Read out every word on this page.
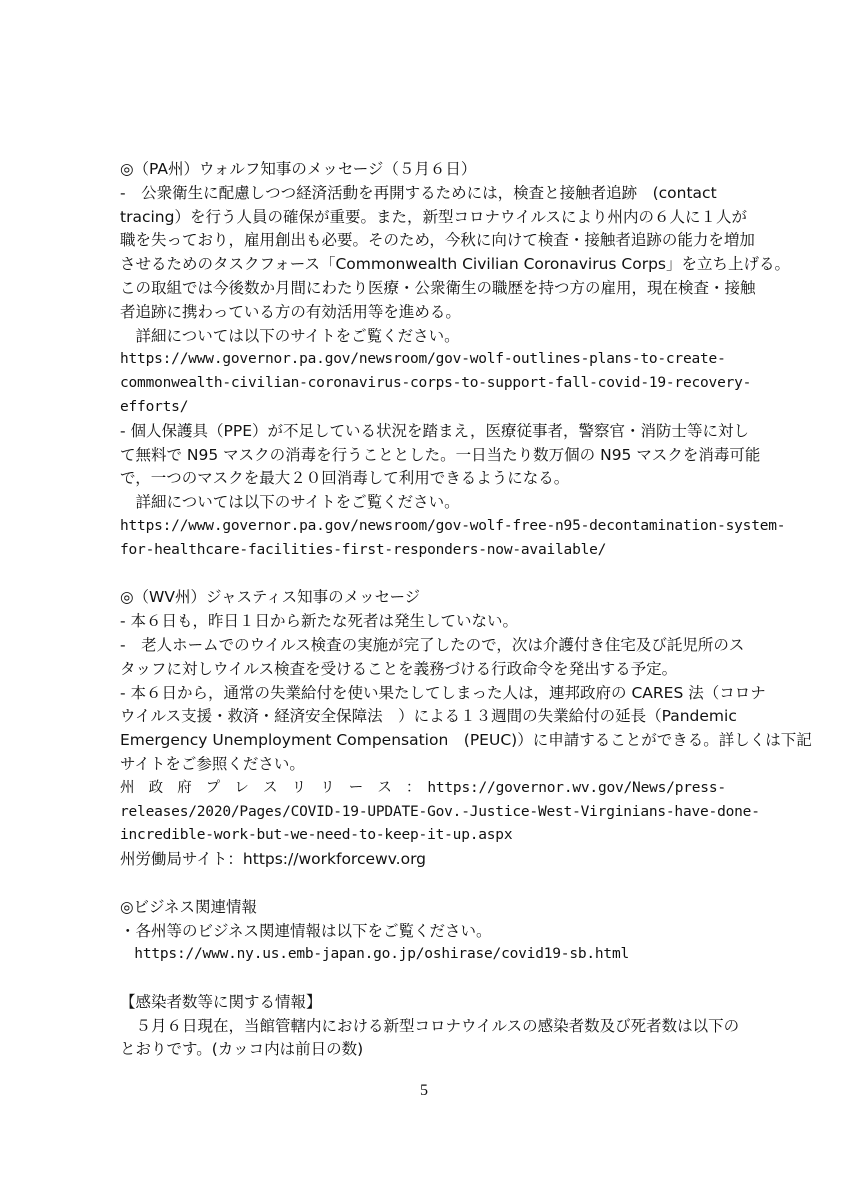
◎（PA州）ウォルフ知事のメッセージ（５月６日）
-　公衆衛生に配慮しつつ経済活動を再開するためには，検査と接触者追跡　(contact
tracing）を行う人員の確保が重要。また，新型コロナウイルスにより州内の６人に１人が
職を失っており，雇用創出も必要。そのため，今秋に向けて検査・接触者追跡の能力を増加
させるためのタスクフォース「Commonwealth Civilian Coronavirus Corps」を立ち上げる。
この取組では今後数か月間にわたり医療・公衆衛生の職歴を持つ方の雇用，現在検査・接触
者追跡に携わっている方の有効活用等を進める。
　詳細については以下のサイトをご覧ください。
https://www.governor.pa.gov/newsroom/gov-wolf-outlines-plans-to-create-
commonwealth-civilian-coronavirus-corps-to-support-fall-covid-19-recovery-
efforts/
- 個人保護具（PPE）が不足している状況を踏まえ，医療従事者，警察官・消防士等に対し
て無料で N95 マスクの消毒を行うこととした。一日当たり数万個の N95 マスクを消毒可能
で，一つのマスクを最大２０回消毒して利用できるようになる。
　詳細については以下のサイトをご覧ください。
https://www.governor.pa.gov/newsroom/gov-wolf-free-n95-decontamination-system-
for-healthcare-facilities-first-responders-now-available/
◎（WV州）ジャスティス知事のメッセージ
- 本６日も，昨日１日から新たな死者は発生していない。
-　老人ホームでのウイルス検査の実施が完了したので，次は介護付き住宅及び託児所のス
タッフに対しウイルス検査を受けることを義務づける行政命令を発出する予定。
- 本６日から，通常の失業給付を使い果たしてしまった人は，連邦政府の CARES 法（コロナ
ウイルス支援・救済・経済安全保障法　）による１３週間の失業給付の延長（Pandemic
Emergency Unemployment Compensation　(PEUC)）に申請することができる。詳しくは下記
サイトをご参照ください。
州　政　府　プ　レ　ス　リ　リ　ー　ス　：　https://governor.wv.gov/News/press-
releases/2020/Pages/COVID-19-UPDATE-Gov.-Justice-West-Virginians-have-done-
incredible-work-but-we-need-to-keep-it-up.aspx
州労働局サイト：https://workforcewv.org
◎ビジネス関連情報
・各州等のビジネス関連情報は以下をご覧ください。
　https://www.ny.us.emb-japan.go.jp/oshirase/covid19-sb.html
【感染者数等に関する情報】
　５月６日現在，当館管轄内における新型コロナウイルスの感染者数及び死者数は以下の
とおりです。(カッコ内は前日の数)
5
